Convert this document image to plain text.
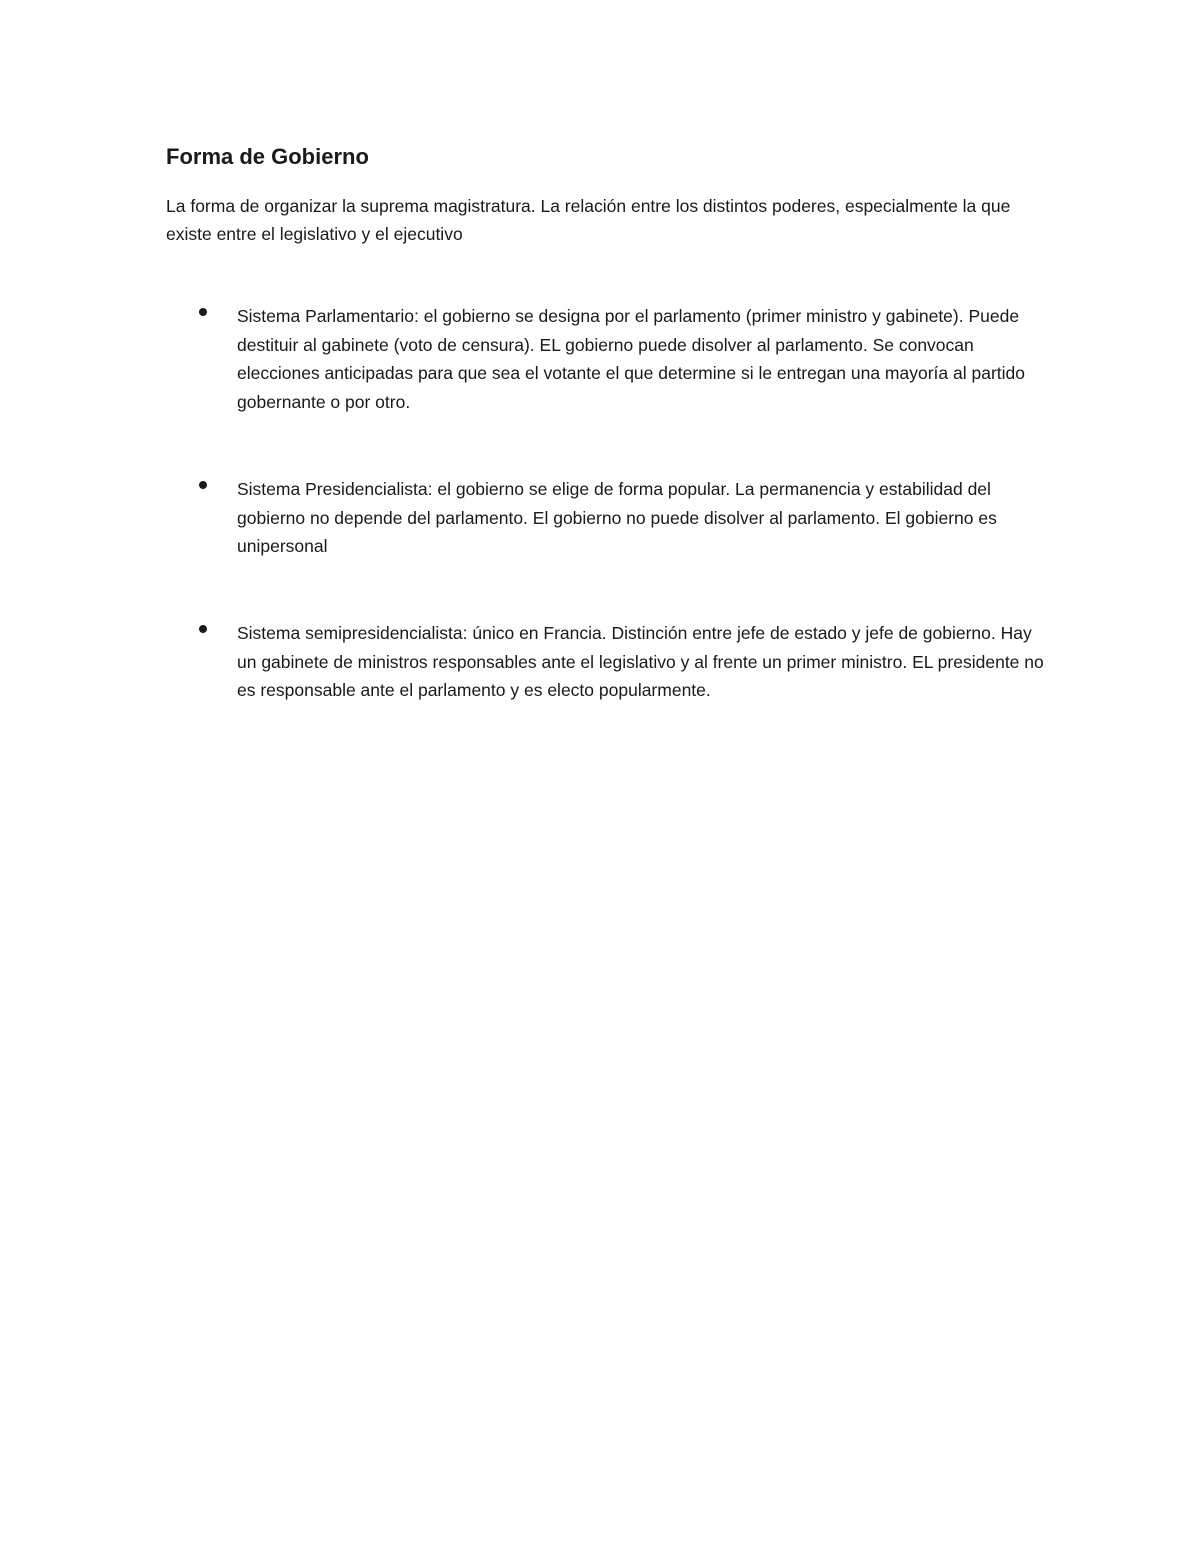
Forma de Gobierno

La forma de organizar la suprema magistratura. La relación entre los distintos poderes, especialmente la que existe entre el legislativo y el ejecutivo

Sistema Parlamentario: el gobierno se designa por el parlamento (primer ministro y gabinete). Puede destituir al gabinete (voto de censura). EL gobierno puede disolver al parlamento. Se convocan elecciones anticipadas para que sea el votante el que determine si le entregan una mayoría al partido gobernante o por otro.
Sistema Presidencialista: el gobierno se elige de forma popular. La permanencia y estabilidad del gobierno no depende del parlamento. El gobierno no puede disolver al parlamento. El gobierno es unipersonal
Sistema semipresidencialista: único en Francia. Distinción entre jefe de estado y jefe de gobierno. Hay un gabinete de ministros responsables ante el legislativo y al frente un primer ministro. EL presidente no es responsable ante el parlamento y es electo popularmente.
